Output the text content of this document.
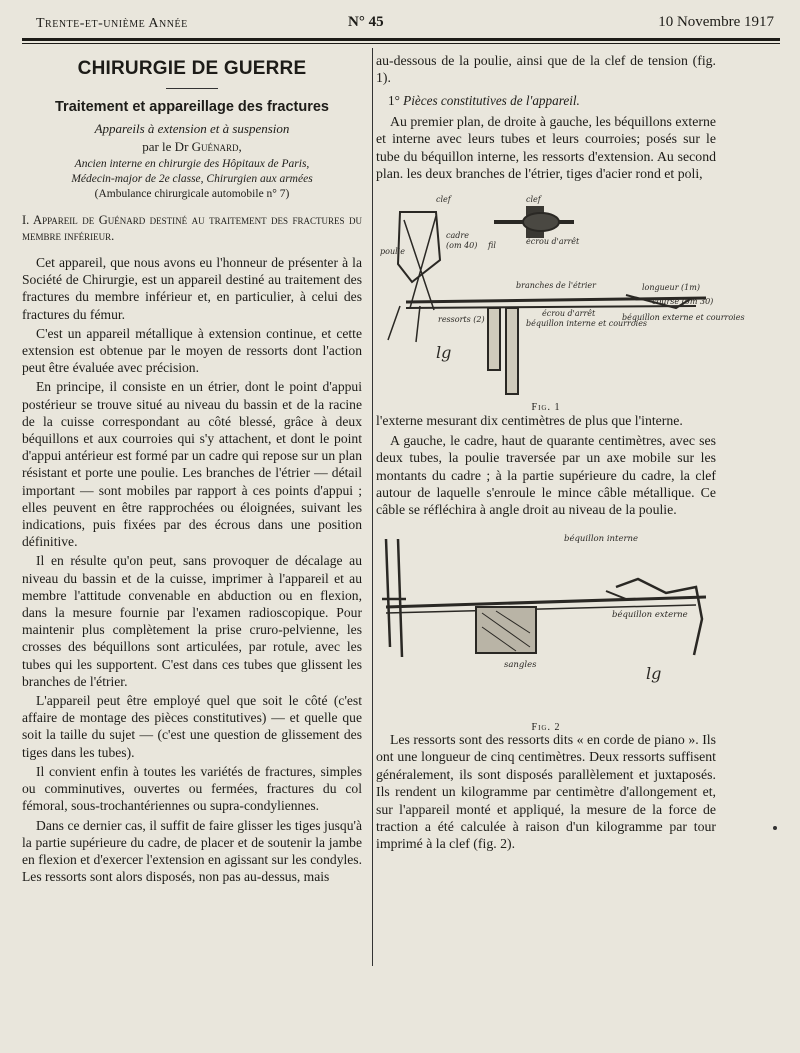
Trente-et-unième Année	N° 45	10 Novembre 1917
CHIRURGIE DE GUERRE
Traitement et appareillage des fractures
Appareils à extension et à suspension
par le Dr Guénard,
Ancien interne en chirurgie des Hôpitaux de Paris,
Médecin-major de 2e classe, Chirurgien aux armées
(Ambulance chirurgicale automobile n° 7)
I. Appareil de Guénard destiné au traitement des fractures du membre inférieur.

Cet appareil, que nous avons eu l'honneur de présenter à la Société de Chirurgie, est un appareil destiné au traitement des fractures du membre inférieur et, en particulier, à celui des fractures du fémur.

C'est un appareil métallique à extension continue, et cette extension est obtenue par le moyen de ressorts dont l'action peut être évaluée avec précision.

En principe, il consiste en un étrier, dont le point d'appui postérieur se trouve situé au niveau du bassin et de la racine de la cuisse correspondant au côté blessé, grâce à deux béquillons et aux courroies qui s'y attachent, et dont le point d'appui antérieur est formé par un cadre qui repose sur un plan résistant et porte une poulie. Les branches de l'étrier — détail important — sont mobiles par rapport à ces points d'appui ; elles peuvent en être rapprochées ou éloignées, suivant les indications, puis fixées par des écrous dans une position définitive.

Il en résulte qu'on peut, sans provoquer de décalage au niveau du bassin et de la cuisse, imprimer à l'appareil et au membre l'attitude convenable en abduction ou en flexion, dans la mesure fournie par l'examen radioscopique. Pour maintenir plus complètement la prise cruro-pelvienne, les crosses des béquillons sont articulées, par rotule, avec les tubes qui les supportent. C'est dans ces tubes que glissent les branches de l'étrier.

L'appareil peut être employé quel que soit le côté (c'est affaire de montage des pièces constitutives) — et quelle que soit la taille du sujet — (c'est une question de glissement des tiges dans les tubes).

Il convient enfin à toutes les variétés de fractures, simples ou comminutives, ouvertes ou fermées, fractures du col fémoral, sous-trochantériennes ou supra-condyliennes.

Dans ce dernier cas, il suffit de faire glisser les tiges jusqu'à la partie supérieure du cadre, de placer et de soutenir la jambe en flexion et d'exercer l'extension en agissant sur les condyles. Les ressorts sont alors disposés, non pas au-dessus, mais

au-dessous de la poulie, ainsi que de la clef de tension (fig. 1).

1° Pièces constitutives de l'appareil.

Au premier plan, de droite à gauche, les béquillons externe et interne avec leurs tubes et leurs courroies; posés sur le tube du béquillon interne, les ressorts d'extension. Au second plan. les deux branches de l'étrier, tiges d'acier rond et poli,

clef	clef
cadre
(om 40)
poulie
fil	écrou d'arrêt
branches de l'étrier	longueur (1m)
course (0m 30)
ressorts (2)
écrou d'arrêt
béquillon interne et courroies
béquillon externe et courroies
lg
Fig. 1

l'externe mesurant dix centimètres de plus que l'interne.

A gauche, le cadre, haut de quarante centimètres, avec ses deux tubes, la poulie traversée par un axe mobile sur les montants du cadre ; à la partie supérieure du cadre, la clef autour de laquelle s'enroule le mince câble métallique. Ce câble se réfléchira à angle droit au niveau de la poulie.

béquillon interne
béquillon externe
sangles	lg
Fig. 2

Les ressorts sont des ressorts dits « en corde de piano ». Ils ont une longueur de cinq centimètres. Deux ressorts suffisent généralement, ils sont disposés parallèlement et juxtaposés. Ils rendent un kilogramme par centimètre d'allongement et, sur l'appareil monté et appliqué, la mesure de la force de traction a été calculée à raison d'un kilogramme par tour imprimé à la clef (fig. 2).
